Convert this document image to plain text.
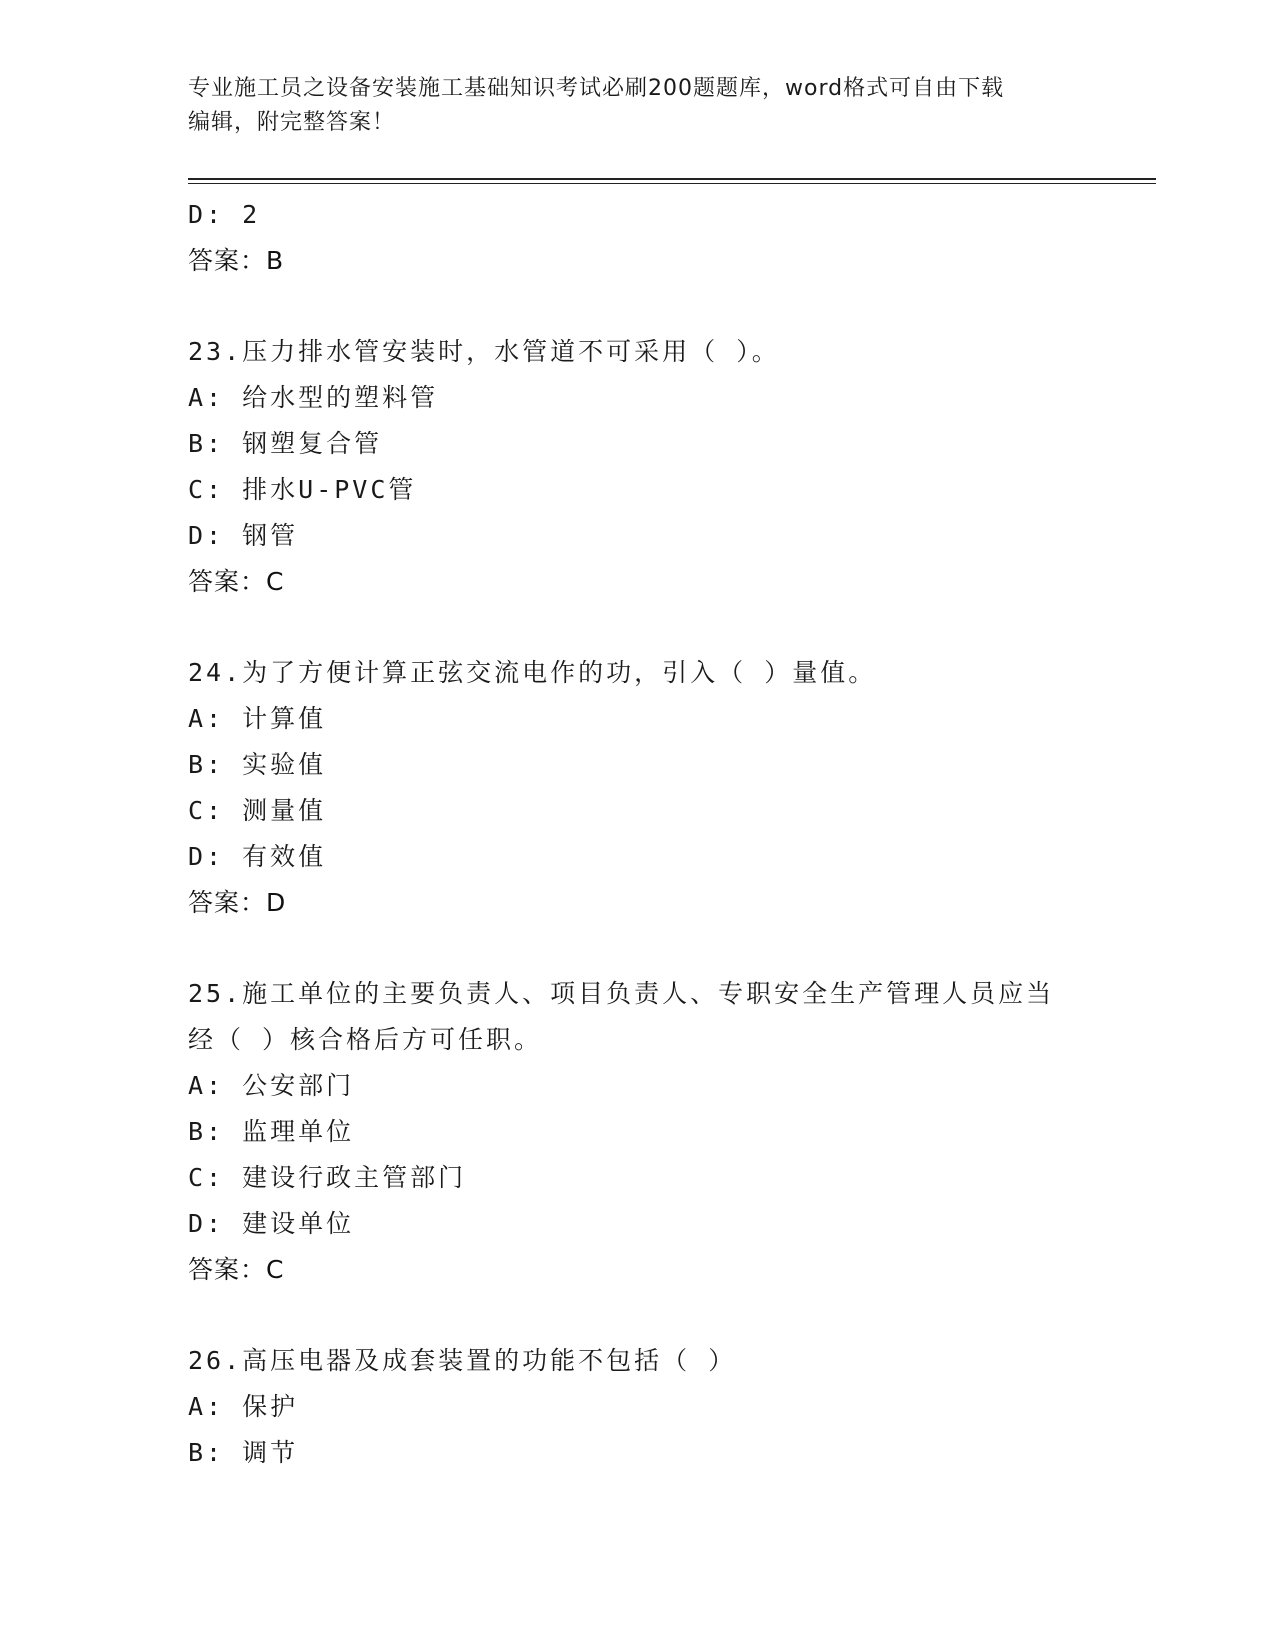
专业施工员之设备安装施工基础知识考试必刷200题题库，word格式可自由下载
编辑，附完整答案！
D: 2
答案：B
23.压力排水管安装时，水管道不可采用（ ）。
A: 给水型的塑料管
B: 钢塑复合管
C: 排水U-PVC管
D: 钢管
答案：C
24.为了方便计算正弦交流电作的功，引入（ ）量值。
A: 计算值
B: 实验值
C: 测量值
D: 有效值
答案：D
25.施工单位的主要负责人、项目负责人、专职安全生产管理人员应当
经（ ）核合格后方可任职。
A: 公安部门
B: 监理单位
C: 建设行政主管部门
D: 建设单位
答案：C
26.高压电器及成套装置的功能不包括（ ）
A: 保护
B: 调节
